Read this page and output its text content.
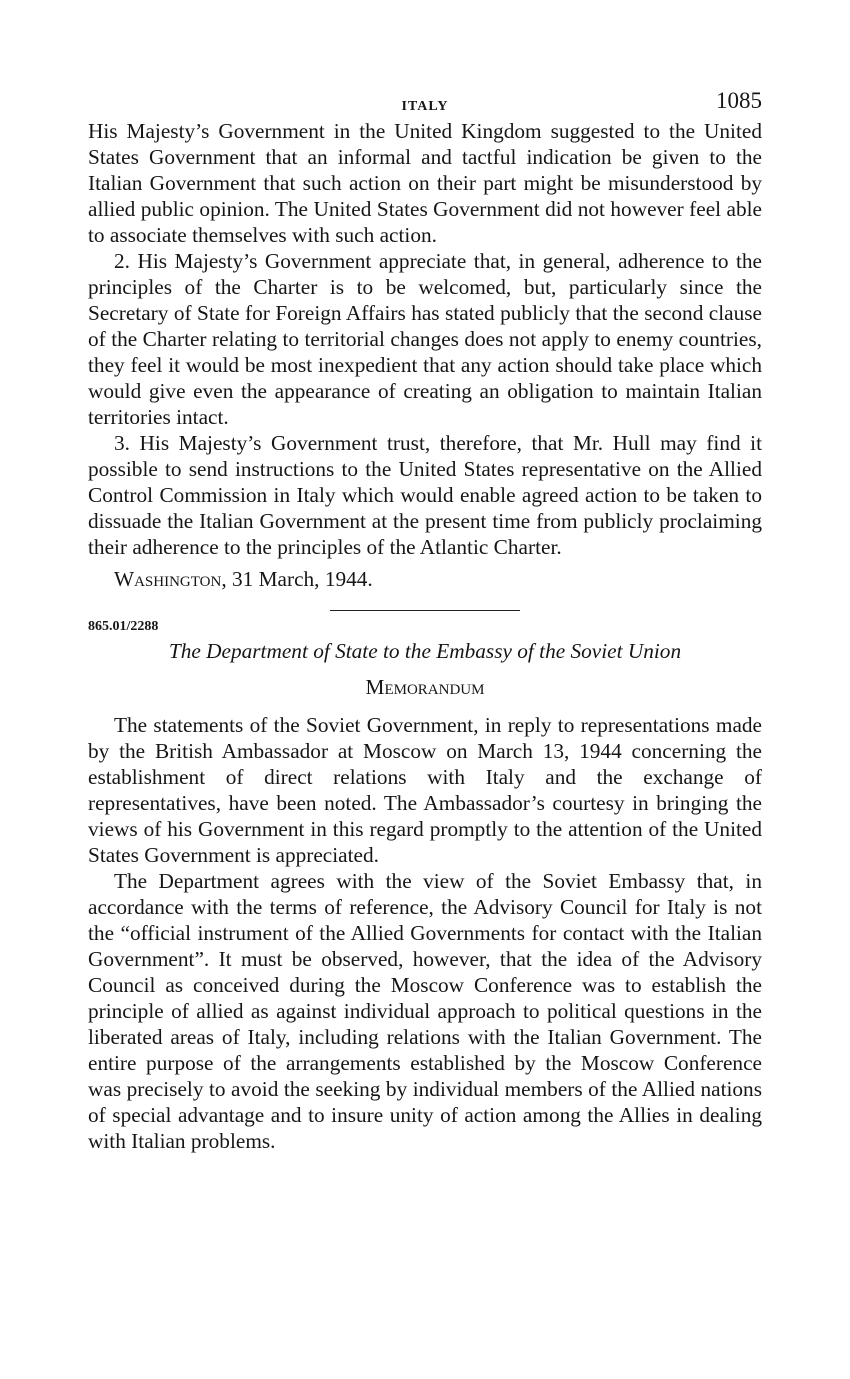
ITALY	1085

His Majesty’s Government in the United Kingdom suggested to the United States Government that an informal and tactful indication be given to the Italian Government that such action on their part might be misunderstood by allied public opinion. The United States Government did not however feel able to associate themselves with such action.

2. His Majesty’s Government appreciate that, in general, adherence to the principles of the Charter is to be welcomed, but, particularly since the Secretary of State for Foreign Affairs has stated publicly that the second clause of the Charter relating to territorial changes does not apply to enemy countries, they feel it would be most inexpedient that any action should take place which would give even the appearance of creating an obligation to maintain Italian territories intact.

3. His Majesty’s Government trust, therefore, that Mr. Hull may find it possible to send instructions to the United States representative on the Allied Control Commission in Italy which would enable agreed action to be taken to dissuade the Italian Government at the present time from publicly proclaiming their adherence to the principles of the Atlantic Charter.

Washington, 31 March, 1944.

865.01/2288

The Department of State to the Embassy of the Soviet Union

Memorandum

The statements of the Soviet Government, in reply to representations made by the British Ambassador at Moscow on March 13, 1944 concerning the establishment of direct relations with Italy and the exchange of representatives, have been noted. The Ambassador’s courtesy in bringing the views of his Government in this regard promptly to the attention of the United States Government is appreciated.

The Department agrees with the view of the Soviet Embassy that, in accordance with the terms of reference, the Advisory Council for Italy is not the “official instrument of the Allied Governments for contact with the Italian Government”. It must be observed, however, that the idea of the Advisory Council as conceived during the Moscow Conference was to establish the principle of allied as against individual approach to political questions in the liberated areas of Italy, including relations with the Italian Government. The entire purpose of the arrangements established by the Moscow Conference was precisely to avoid the seeking by individual members of the Allied nations of special advantage and to insure unity of action among the Allies in dealing with Italian problems.
